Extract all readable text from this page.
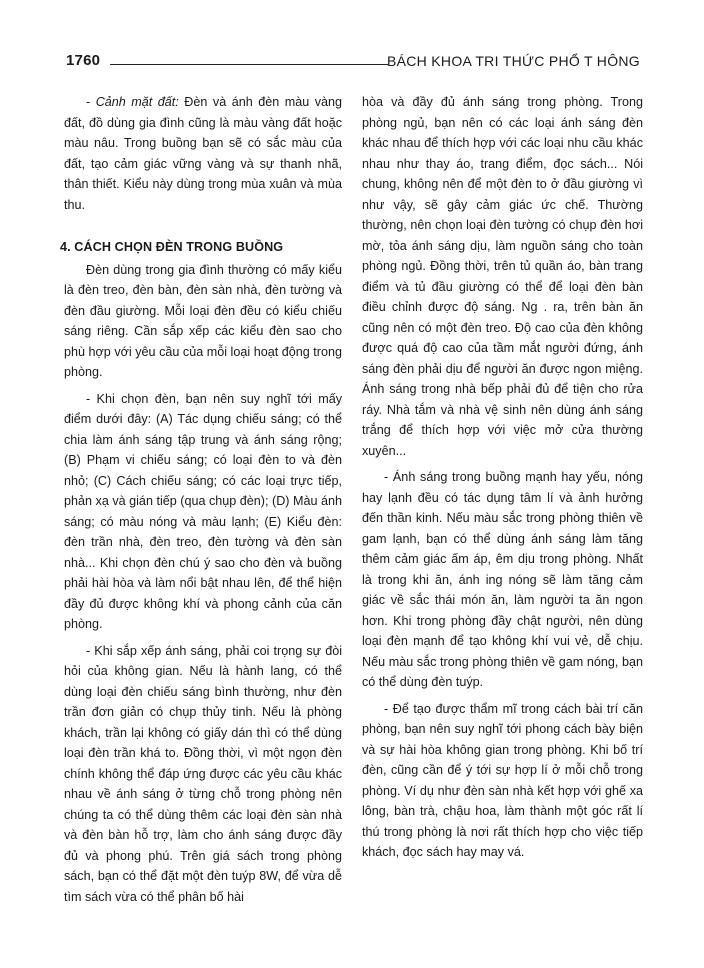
1760	BÁCH KHOA TRI THỨC PHỔ T HÔNG

- Cảnh mặt đất: Đèn và ánh đèn màu vàng đất, đồ dùng gia đình cũng là màu vàng đất hoặc màu nâu. Trong buồng bạn sẽ có sắc màu của đất, tạo cảm giác vững vàng và sự thanh nhã, thân thiết. Kiểu này dùng trong mùa xuân và mùa thu.

4. CÁCH CHỌN ĐÈN TRONG BUỒNG

Đèn dùng trong gia đình thường có mấy kiểu là đèn treo, đèn bàn, đèn sàn nhà, đèn tường và đèn đầu giường. Mỗi loại đèn đều có kiểu chiếu sáng riêng. Cần sắp xếp các kiểu đèn sao cho phù hợp với yêu cầu của mỗi loại hoạt động trong phòng.

- Khi chọn đèn, bạn nên suy nghĩ tới mấy điểm dưới đây: (A) Tác dụng chiếu sáng; có thể chia làm ánh sáng tập trung và ánh sáng rộng; (B) Phạm vi chiếu sáng; có loại đèn to và đèn nhỏ; (C) Cách chiếu sáng; có các loại trực tiếp, phản xạ và gián tiếp (qua chụp đèn); (D) Màu ánh sáng; có màu nóng và màu lạnh; (E) Kiểu đèn: đèn trần nhà, đèn treo, đèn tường và đèn sàn nhà... Khi chọn đèn chú ý sao cho đèn và buồng phải hài hòa và làm nổi bật nhau lên, để thể hiện đầy đủ được không khí và phong cảnh của căn phòng.

- Khi sắp xếp ánh sáng, phải coi trọng sự đòi hỏi của không gian. Nếu là hành lang, có thể dùng loại đèn chiếu sáng bình thường, như đèn trần đơn giản có chụp thủy tinh. Nếu là phòng khách, trần lại không có giấy dán thì có thể dùng loại đèn trần khá to. Đồng thời, vì một ngọn đèn chính không thể đáp ứng được các yêu cầu khác nhau về ánh sáng ở từng chỗ trong phòng nên chúng ta có thể dùng thêm các loại đèn sàn nhà và đèn bàn hỗ trợ, làm cho ánh sáng được đầy đủ và phong phú. Trên giá sách trong phòng sách, bạn có thể đặt một đèn tuýp 8W, để vừa dễ tìm sách vừa có thể phân bố hài

hòa và đầy đủ ánh sáng trong phòng. Trong phòng ngủ, bạn nên có các loại ánh sáng đèn khác nhau để thích hợp với các loại nhu cầu khác nhau như thay áo, trang điểm, đọc sách... Nói chung, không nên để một đèn to ở đầu giường vì như vậy, sẽ gây cảm giác ức chế. Thường thường, nên chọn loại đèn tường có chụp đèn hơi mờ, tỏa ánh sáng dịu, làm nguồn sáng cho toàn phòng ngủ. Đồng thời, trên tủ quần áo, bàn trang điểm và tủ đầu giường có thể để loại đèn bàn điều chỉnh được độ sáng. Ng . ra, trên bàn ăn cũng nên có một đèn treo. Độ cao của đèn không được quá độ cao của tầm mắt người đứng, ánh sáng đèn phải dịu để người ăn được ngon miệng. Ánh sáng trong nhà bếp phải đủ để tiện cho rửa ráy. Nhà tắm và nhà vệ sinh nên dùng ánh sáng trắng để thích hợp với việc mở cửa thường xuyên...

- Ánh sáng trong buồng mạnh hay yếu, nóng hay lạnh đều có tác dụng tâm lí và ảnh hưởng đến thần kinh. Nếu màu sắc trong phòng thiên về gam lạnh, bạn có thể dùng ánh sáng làm tăng thêm cảm giác ấm áp, êm dịu trong phòng. Nhất là trong khi ăn, ánh ing nóng sẽ làm tăng cảm giác về sắc thái món ăn, làm người ta ăn ngon hơn. Khi trong phòng đầy chật người, nên dùng loại đèn mạnh để tạo không khí vui vẻ, dễ chịu. Nếu màu sắc trong phòng thiên về gam nóng, bạn có thể dùng đèn tuýp.

- Để tạo được thẩm mĩ trong cách bài trí căn phòng, bạn nên suy nghĩ tới phong cách bày biện và sự hài hòa không gian trong phòng. Khi bố trí đèn, cũng cần để ý tới sự hợp lí ở mỗi chỗ trong phòng. Ví dụ như đèn sàn nhà kết hợp với ghế xa lông, bàn trà, chậu hoa, làm thành một góc rất lí thú trong phòng là nơi rất thích hợp cho việc tiếp khách, đọc sách hay may vá.
